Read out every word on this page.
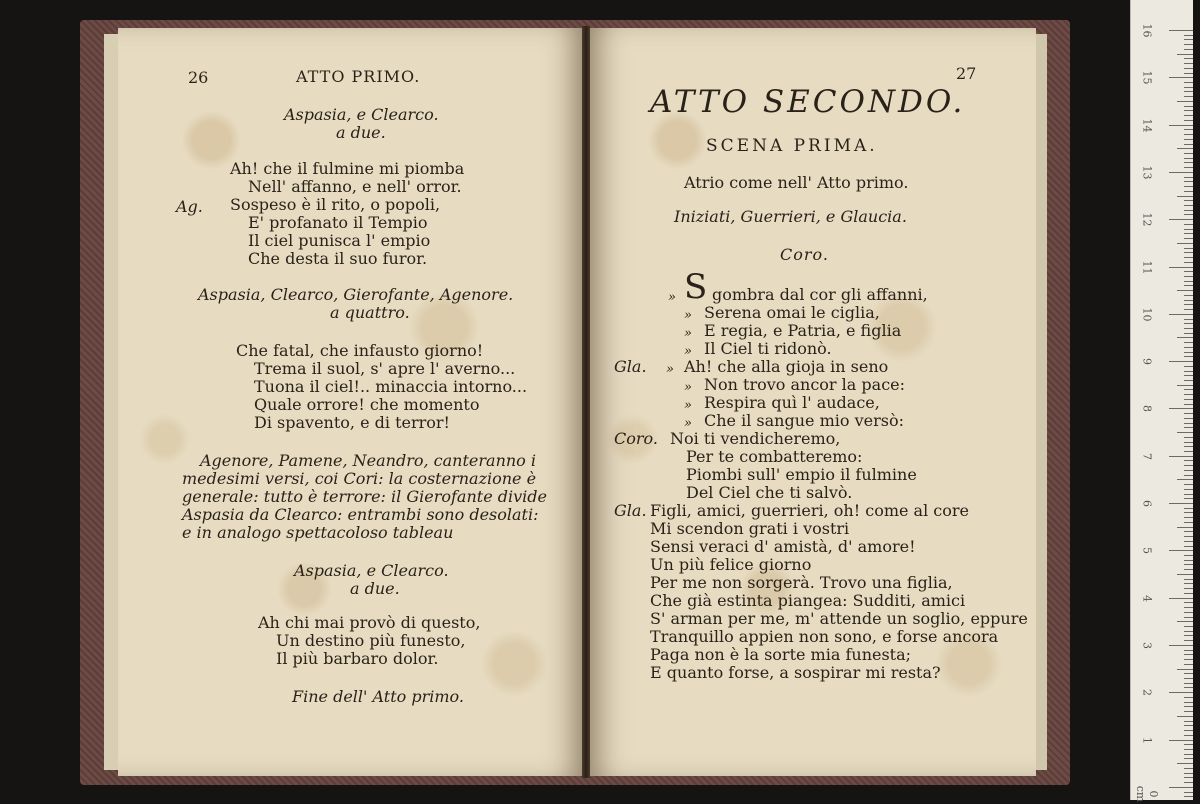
26	ATTO PRIMO.
Aspasia, e Clearco.
a due.
Ah! che il fulmine mi piomba
Nell' affanno, e nell' orror.
Ag. Sospeso è il rito, o popoli,
E' profanato il Tempio
Il ciel punisca l' empio
Che desta il suo furor.
Aspasia, Clearco, Gierofante, Agenore.
a quattro.
Che fatal, che infausto giorno!
Trema il suol, s' apre l' averno...
Tuona il ciel!.. minaccia intorno...
Quale orrore! che momento
Di spavento, e di terror!
Agenore, Pamene, Neandro, canteranno i
medesimi versi, coi Cori: la costernazione è
generale: tutto è terrore: il Gierofante divide
Aspasia da Clearco: entrambi sono desolati:
e in analogo spettacoloso tableau
Aspasia, e Clearco.
a due.
Ah chi mai provò di questo,
Un destino più funesto,
Il più barbaro dolor.
Fine dell' Atto primo.
27
ATTO SECONDO.
SCENA PRIMA.
Atrio come nell' Atto primo.
Iniziati, Guerrieri, e Glaucia.
Coro.
» S gombra dal cor gli affanni,
» Serena omai le ciglia,
» E regia, e Patria, e figlia
» Il Ciel ti ridonò.
Gla. » Ah! che alla gioja in seno
» Non trovo ancor la pace:
» Respira quì l' audace,
» Che il sangue mio versò:
Coro. Noi ti vendicheremo,
Per te combatteremo:
Piombi sull' empio il fulmine
Del Ciel che ti salvò.
Gla. Figli, amici, guerrieri, oh! come al core
Mi scendon grati i vostri
Sensi veraci d' amistà, d' amore!
Un più felice giorno
Per me non sorgerà. Trovo una figlia,
Che già estinta piangea: Sudditi, amici
S' arman per me, m' attende un soglio, eppure
Tranquillo appien non sono, e forse ancora
Paga non è la sorte mia funesta;
E quanto forse, a sospirar mi resta?
16
15
14
13
12
11
10
9
8
7
6
5
4
3
2
1
0 cm
